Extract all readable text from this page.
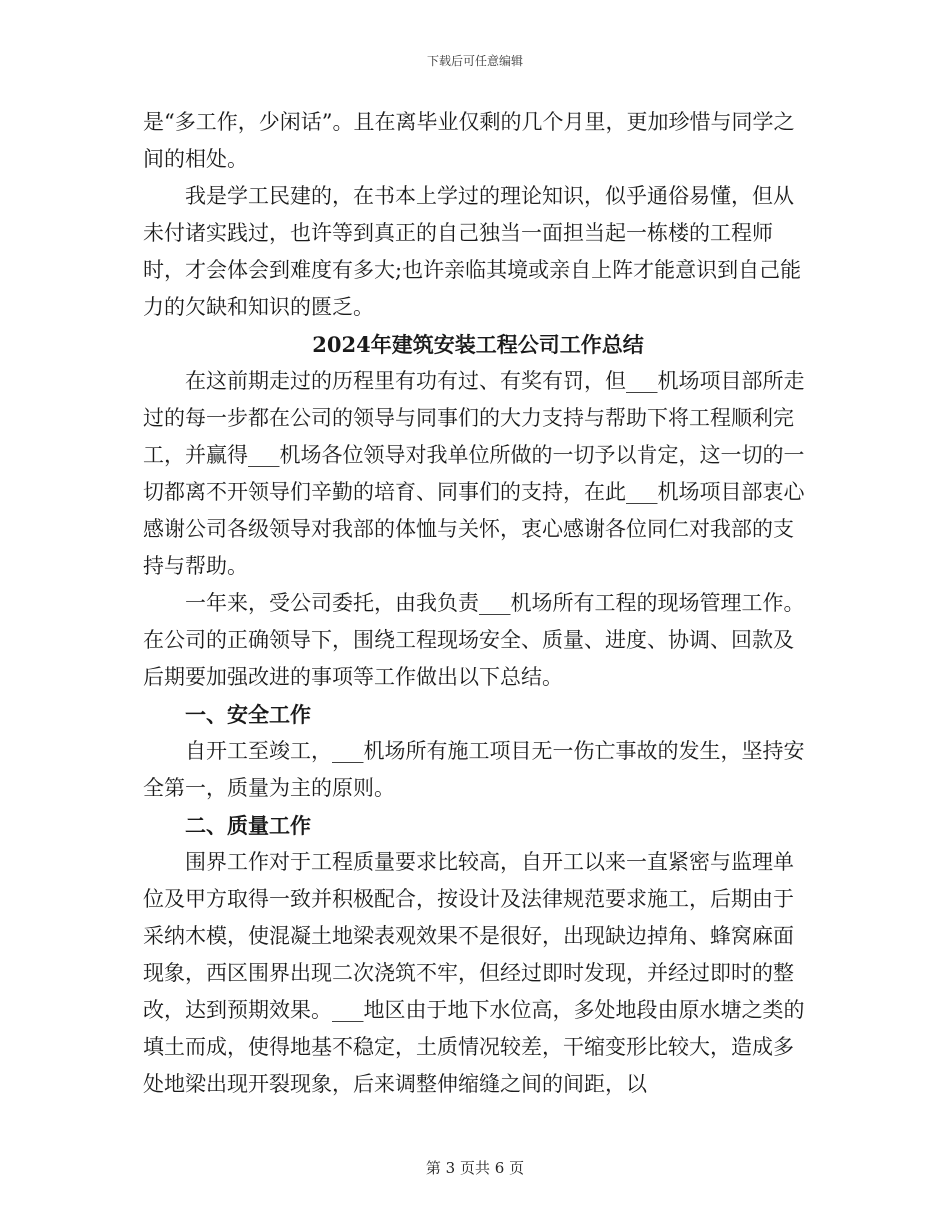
下载后可任意编辑

是“多工作，少闲话”。且在离毕业仅剩的几个月里，更加珍惜与同学之间的相处。

我是学工民建的，在书本上学过的理论知识，似乎通俗易懂，但从未付诸实践过，也许等到真正的自己独当一面担当起一栋楼的工程师时，才会体会到难度有多大;也许亲临其境或亲自上阵才能意识到自己能力的欠缺和知识的匮乏。

2024年建筑安装工程公司工作总结

在这前期走过的历程里有功有过、有奖有罚，但___机场项目部所走过的每一步都在公司的领导与同事们的大力支持与帮助下将工程顺利完工，并赢得___机场各位领导对我单位所做的一切予以肯定，这一切的一切都离不开领导们辛勤的培育、同事们的支持，在此___机场项目部衷心感谢公司各级领导对我部的体恤与关怀，衷心感谢各位同仁对我部的支持与帮助。

一年来，受公司委托，由我负责___机场所有工程的现场管理工作。在公司的正确领导下，围绕工程现场安全、质量、进度、协调、回款及后期要加强改进的事项等工作做出以下总结。

一、安全工作

自开工至竣工，___机场所有施工项目无一伤亡事故的发生，坚持安全第一，质量为主的原则。

二、质量工作

围界工作对于工程质量要求比较高，自开工以来一直紧密与监理单位及甲方取得一致并积极配合，按设计及法律规范要求施工，后期由于采纳木模，使混凝土地梁表观效果不是很好，出现缺边掉角、蜂窝麻面现象，西区围界出现二次浇筑不牢，但经过即时发现，并经过即时的整改，达到预期效果。___地区由于地下水位高，多处地段由原水塘之类的填土而成，使得地基不稳定，土质情况较差，干缩变形比较大，造成多处地梁出现开裂现象，后来调整伸缩缝之间的间距，以

第 3 页共 6 页
